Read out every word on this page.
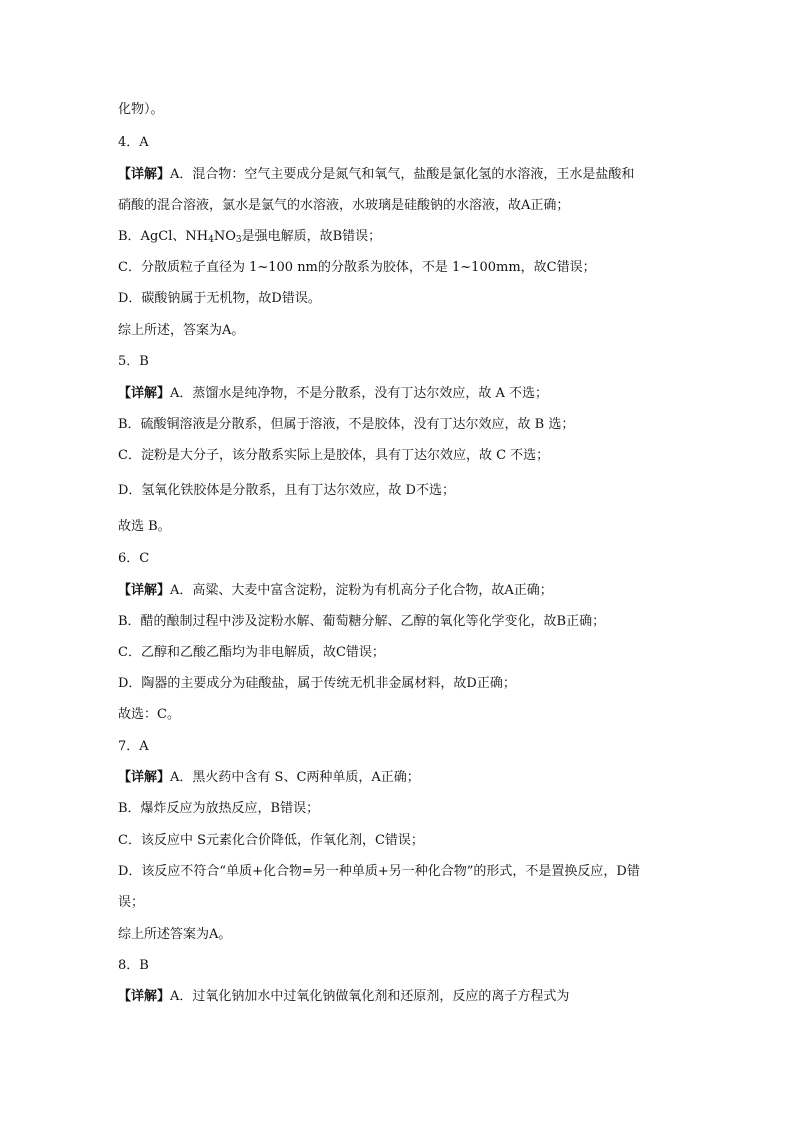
化物）。
4．A
【详解】A．混合物：空气主要成分是氮气和氧气，盐酸是氯化氢的水溶液，王水是盐酸和
硝酸的混合溶液，氯水是氯气的水溶液，水玻璃是硅酸钠的水溶液，故A正确；
B．AgCl、$NH_4NO_3$是强电解质，故B错误；
C．分散质粒子直径为 1~100 nm的分散系为胶体，不是 1~100mm，故C错误；
D．碳酸钠属于无机物，故D错误。
综上所述，答案为A。
5．B
【详解】A．蒸馏水是纯净物，不是分散系，没有丁达尔效应，故 A 不选；
B．硫酸铜溶液是分散系，但属于溶液，不是胶体，没有丁达尔效应，故 B 选；
C．淀粉是大分子，该分散系实际上是胶体，具有丁达尔效应，故 C 不选；
D．氢氧化铁胶体是分散系，且有丁达尔效应，故 D不选；
故选 B。
6．C
【详解】A．高粱、大麦中富含淀粉，淀粉为有机高分子化合物，故A正确；
B．醋的酿制过程中涉及淀粉水解、葡萄糖分解、乙醇的氧化等化学变化，故B正确；
C．乙醇和乙酸乙酯均为非电解质，故C错误；
D．陶器的主要成分为硅酸盐，属于传统无机非金属材料，故D正确；
故选：C。
7．A
【详解】A．黑火药中含有 S、C两种单质，A正确；
B．爆炸反应为放热反应，B错误；
C．该反应中 S元素化合价降低，作氧化剂，C错误；
D．该反应不符合“单质+化合物=另一种单质+另一种化合物”的形式，不是置换反应，D错
误；
综上所述答案为A。
8．B
【详解】A．过氧化钠加水中过氧化钠做氧化剂和还原剂，反应的离子方程式为
